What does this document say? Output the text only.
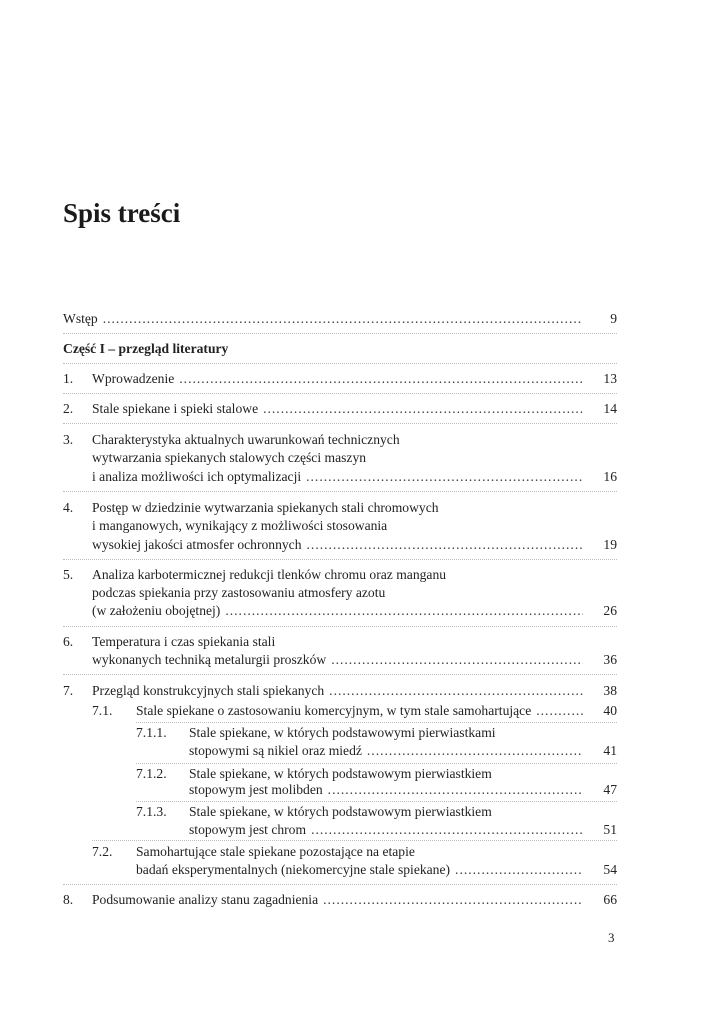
Spis treści
Wstęp .....	9
Część I – przegląd literatury
1. Wprowadzenie .....	13
2. Stale spiekane i spieki stalowe .....	14
3. Charakterystyka aktualnych uwarunkowań technicznych
wytwarzania spiekanych stalowych części maszyn
i analiza możliwości ich optymalizacji .....	16
4. Postęp w dziedzinie wytwarzania spiekanych stali chromowych
i manganowych, wynikający z możliwości stosowania
wysokiej jakości atmosfer ochronnych .....	19
5. Analiza karbotermicznej redukcji tlenków chromu oraz manganu
podczas spiekania przy zastosowaniu atmosfery azotu
(w założeniu obojętnej) .....	26
6. Temperatura i czas spiekania stali
wykonanych techniką metalurgii proszków .....	36
7. Przegląd konstrukcyjnych stali spiekanych .....	38
7.1. Stale spiekane o zastosowaniu komercyjnym, w tym stale samohartujące .....	40
7.1.1. Stale spiekane, w których podstawowymi pierwiastkami
stopowymi są nikiel oraz miedź .....	41
7.1.2. Stale spiekane, w których podstawowym pierwiastkiem
stopowym jest molibden .....	47
7.1.3. Stale spiekane, w których podstawowym pierwiastkiem
stopowym jest chrom .....	51
7.2. Samohartujące stale spiekane pozostające na etapie
badań eksperymentalnych (niekomercyjne stale spiekane) .....	54
8. Podsumowanie analizy stanu zagadnienia .....	66
3
